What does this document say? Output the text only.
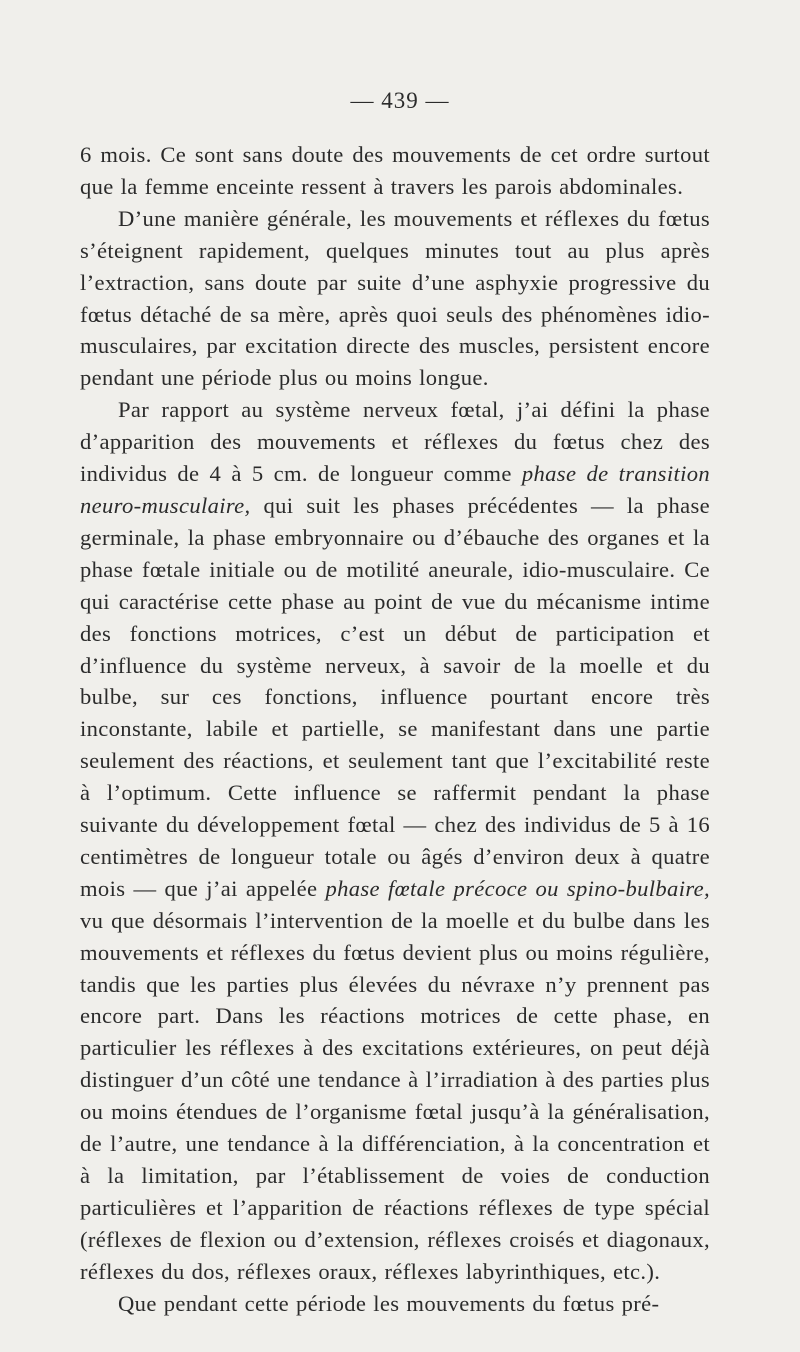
— 439 —

6 mois. Ce sont sans doute des mouvements de cet ordre surtout que la femme enceinte ressent à travers les parois abdominales.

D’une manière générale, les mouvements et réflexes du fœtus s’éteignent rapidement, quelques minutes tout au plus après l’extraction, sans doute par suite d’une asphyxie progressive du fœtus détaché de sa mère, après quoi seuls des phénomènes idio-musculaires, par excitation directe des muscles, persistent encore pendant une période plus ou moins longue.

Par rapport au système nerveux fœtal, j’ai défini la phase d’apparition des mouvements et réflexes du fœtus chez des individus de 4 à 5 cm. de longueur comme phase de transition neuro-musculaire, qui suit les phases précédentes — la phase germinale, la phase embryonnaire ou d’ébauche des organes et la phase fœtale initiale ou de motilité aneurale, idio-musculaire. Ce qui caractérise cette phase au point de vue du mécanisme intime des fonctions motrices, c’est un début de participation et d’influence du système nerveux, à savoir de la moelle et du bulbe, sur ces fonctions, influence pourtant encore très inconstante, labile et partielle, se manifestant dans une partie seulement des réactions, et seulement tant que l’excitabilité reste à l’optimum. Cette influence se raffermit pendant la phase suivante du développement fœtal — chez des individus de 5 à 16 centimètres de longueur totale ou âgés d’environ deux à quatre mois — que j’ai appelée phase fœtale précoce ou spino-bulbaire, vu que désormais l’intervention de la moelle et du bulbe dans les mouvements et réflexes du fœtus devient plus ou moins régulière, tandis que les parties plus élevées du névraxe n’y prennent pas encore part. Dans les réactions motrices de cette phase, en particulier les réflexes à des excitations extérieures, on peut déjà distinguer d’un côté une tendance à l’irradiation à des parties plus ou moins étendues de l’organisme fœtal jusqu’à la généralisation, de l’autre, une tendance à la différenciation, à la concentration et à la limitation, par l’établissement de voies de conduction particulières et l’apparition de réactions réflexes de type spécial (réflexes de flexion ou d’extension, réflexes croisés et diagonaux, réflexes du dos, réflexes oraux, réflexes labyrinthiques, etc.).

Que pendant cette période les mouvements du fœtus pré-
